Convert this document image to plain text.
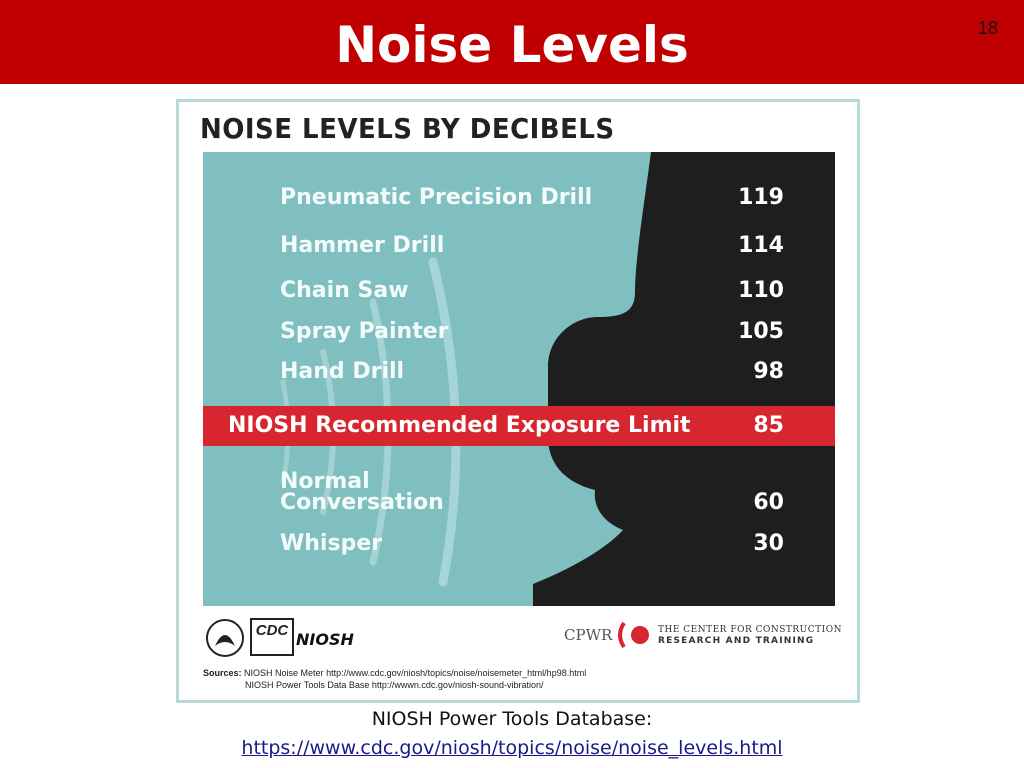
Noise Levels	18
NOISE LEVELS BY DECIBELS
Pneumatic Precision Drill	119
Hammer Drill	114
Chain Saw	110
Spray Painter	105
Hand Drill	98
NIOSH Recommended Exposure Limit	85
Normal
Conversation	60
Whisper	30
CDC NIOSH	CPWR	THE CENTER FOR CONSTRUCTION
RESEARCH AND TRAINING
Sources: NIOSH Noise Meter http://www.cdc.gov/niosh/topics/noise/noisemeter_html/hp98.html
NIOSH Power Tools Data Base http://wwwn.cdc.gov/niosh-sound-vibration/
NIOSH Power Tools Database:
https://www.cdc.gov/niosh/topics/noise/noise_levels.html
